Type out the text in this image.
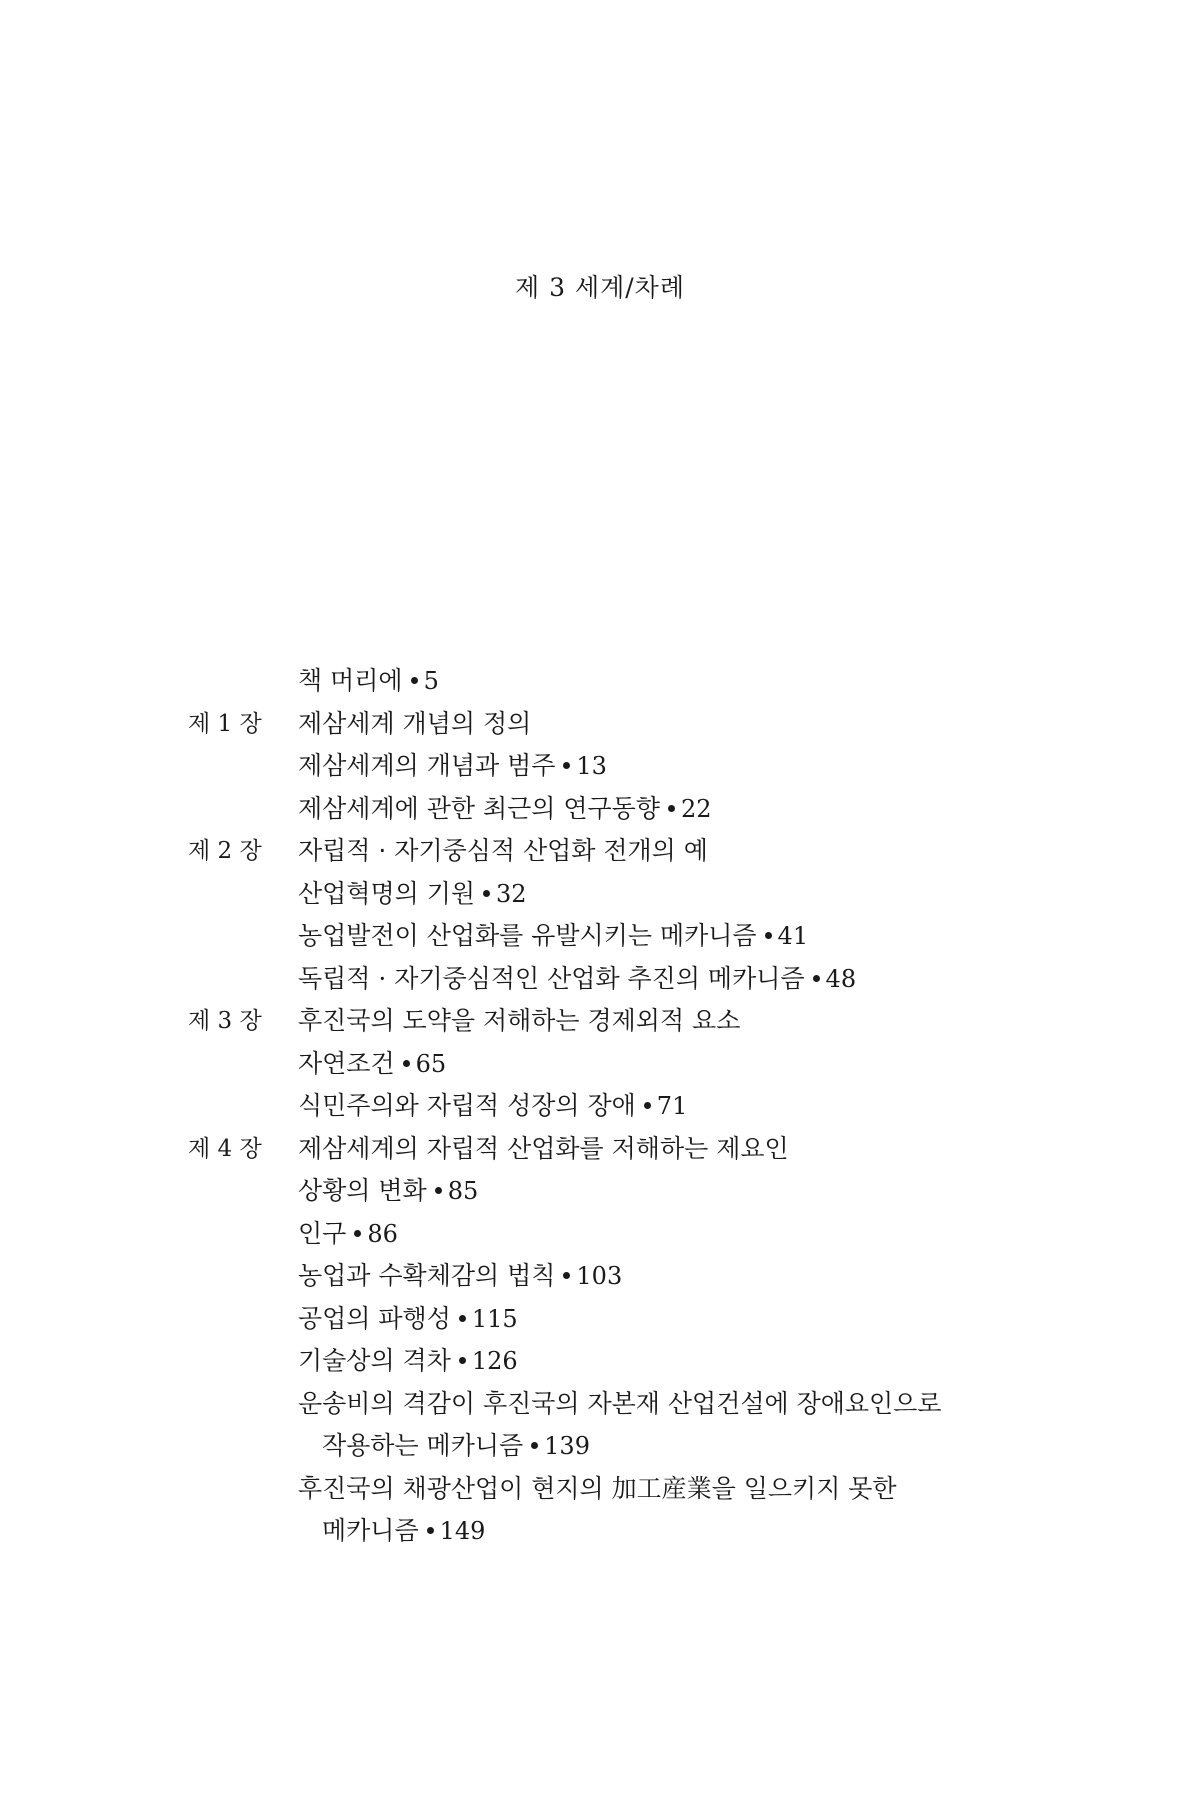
제 3 세계/차례
책 머리에 5
제 1 장	제삼세계 개념의 정의
제삼세계의 개념과 범주 13
제삼세계에 관한 최근의 연구동향 22
제 2 장	자립적 · 자기중심적 산업화 전개의 예
산업혁명의 기원 32
농업발전이 산업화를 유발시키는 메카니즘 41
독립적 · 자기중심적인 산업화 추진의 메카니즘 48
제 3 장	후진국의 도약을 저해하는 경제외적 요소
자연조건 65
식민주의와 자립적 성장의 장애 71
제 4 장	제삼세계의 자립적 산업화를 저해하는 제요인
상황의 변화 85
인구 86
농업과 수확체감의 법칙 103
공업의 파행성 115
기술상의 격차 126
운송비의 격감이 후진국의 자본재 산업건설에 장애요인으로
작용하는 메카니즘 139
후진국의 채광산업이 현지의 加工産業을 일으키지 못한
메카니즘 149
